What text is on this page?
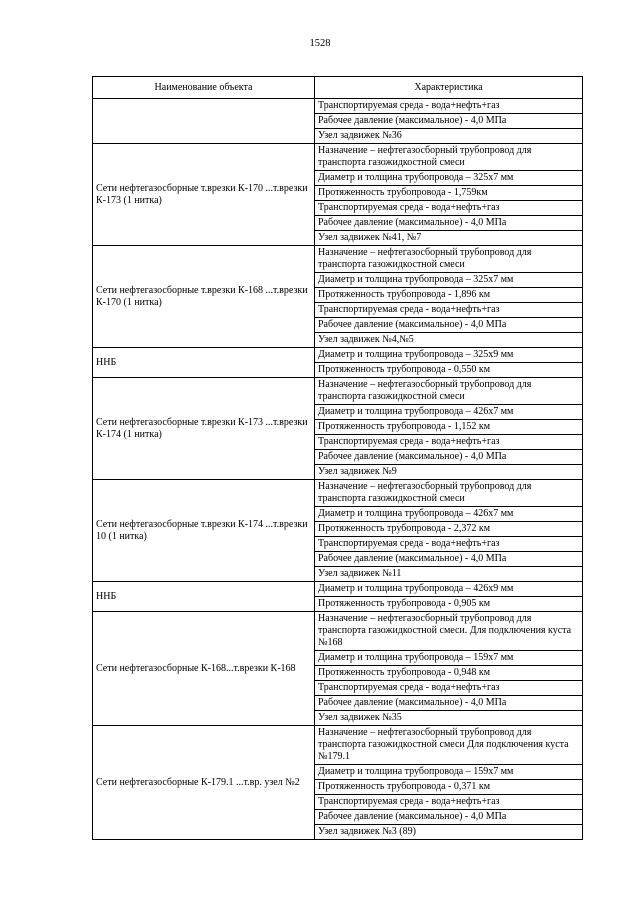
1528
Наименование объекта	Характеристика
	Транспортируемая среда - вода+нефть+газ
	Рабочее давление (максимальное) - 4,0 МПа
	Узел задвижек №36
Сети нефтегазосборные т.врезки К-170 ...т.врезки К-173 (1 нитка)	Назначение – нефтегазосборный трубопровод для транспорта газожидкостной смеси
	Диаметр и толщина трубопровода – 325х7 мм
	Протяженность трубопровода - 1,759км
	Транспортируемая среда - вода+нефть+газ
	Рабочее давление (максимальное) - 4,0 МПа
	Узел задвижек №41, №7
Сети нефтегазосборные т.врезки К-168 ...т.врезки К-170 (1 нитка)	Назначение – нефтегазосборный трубопровод для транспорта газожидкостной смеси
	Диаметр и толщина трубопровода – 325х7 мм
	Протяженность трубопровода - 1,896 км
	Транспортируемая среда - вода+нефть+газ
	Рабочее давление (максимальное) - 4,0 МПа
	Узел задвижек №4,№5
ННБ	Диаметр и толщина трубопровода – 325х9 мм
	Протяженность трубопровода - 0,550 км
Сети нефтегазосборные т.врезки К-173 ...т.врезки К-174 (1 нитка)	Назначение – нефтегазосборный трубопровод для транспорта газожидкостной смеси
	Диаметр и толщина трубопровода – 426х7 мм
	Протяженность трубопровода - 1,152 км
	Транспортируемая среда - вода+нефть+газ
	Рабочее давление (максимальное) - 4,0 МПа
	Узел задвижек №9
Сети нефтегазосборные т.врезки К-174 ...т.врезки 10 (1 нитка)	Назначение – нефтегазосборный трубопровод для транспорта газожидкостной смеси
	Диаметр и толщина трубопровода – 426х7 мм
	Протяженность трубопровода - 2,372 км
	Транспортируемая среда - вода+нефть+газ
	Рабочее давление (максимальное) - 4,0 МПа
	Узел задвижек №11
ННБ	Диаметр и толщина трубопровода – 426х9 мм
	Протяженность трубопровода - 0,905 км
Сети нефтегазосборные К-168...т.врезки К-168	Назначение – нефтегазосборный трубопровод для транспорта газожидкостной смеси. Для подключения куста №168
	Диаметр и толщина трубопровода – 159х7 мм
	Протяженность трубопровода - 0,948 км
	Транспортируемая среда - вода+нефть+газ
	Рабочее давление (максимальное) - 4,0 МПа
	Узел задвижек №35
Сети нефтегазосборные К-179.1 ...т.вр. узел №2	Назначение – нефтегазосборный трубопровод для транспорта газожидкостной смеси Для подключения куста №179.1
	Диаметр и толщина трубопровода – 159х7 мм
	Протяженность трубопровода - 0,371 км
	Транспортируемая среда - вода+нефть+газ
	Рабочее давление (максимальное) - 4,0 МПа
	Узел задвижек №3 (89)
